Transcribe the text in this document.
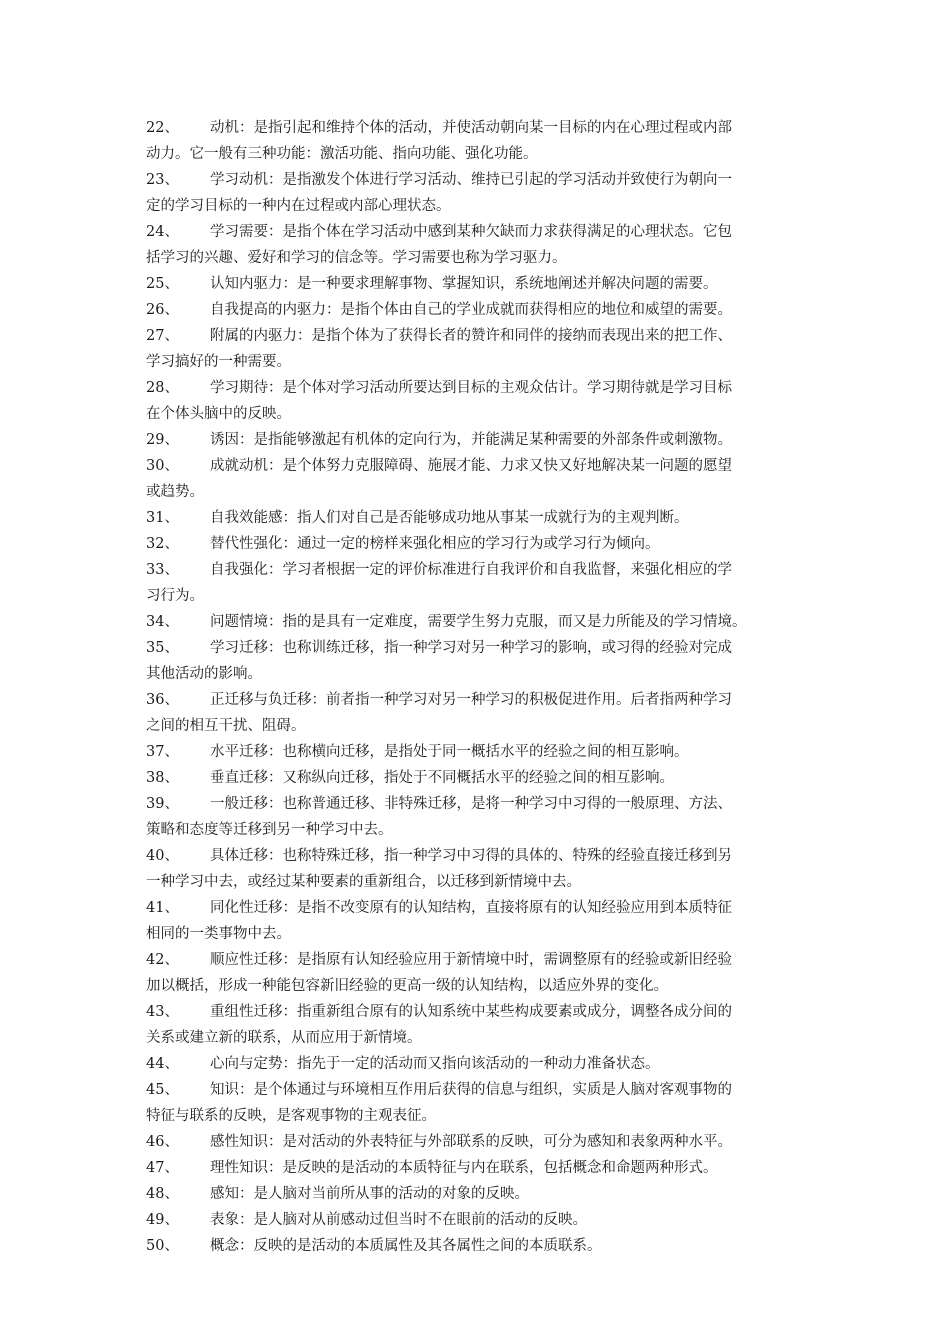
22、 动机：是指引起和维持个体的活动，并使活动朝向某一目标的内在心理过程或内部
动力。它一般有三种功能：激活功能、指向功能、强化功能。
23、 学习动机：是指激发个体进行学习活动、维持已引起的学习活动并致使行为朝向一
定的学习目标的一种内在过程或内部心理状态。
24、 学习需要：是指个体在学习活动中感到某种欠缺而力求获得满足的心理状态。它包
括学习的兴趣、爱好和学习的信念等。学习需要也称为学习驱力。
25、 认知内驱力：是一种要求理解事物、掌握知识，系统地阐述并解决问题的需要。
26、 自我提高的内驱力：是指个体由自己的学业成就而获得相应的地位和威望的需要。
27、 附属的内驱力：是指个体为了获得长者的赞许和同伴的接纳而表现出来的把工作、
学习搞好的一种需要。
28、 学习期待：是个体对学习活动所要达到目标的主观众估计。学习期待就是学习目标
在个体头脑中的反映。
29、 诱因：是指能够激起有机体的定向行为，并能满足某种需要的外部条件或刺激物。
30、 成就动机：是个体努力克服障碍、施展才能、力求又快又好地解决某一问题的愿望
或趋势。
31、 自我效能感：指人们对自己是否能够成功地从事某一成就行为的主观判断。
32、 替代性强化：通过一定的榜样来强化相应的学习行为或学习行为倾向。
33、 自我强化：学习者根据一定的评价标准进行自我评价和自我监督，来强化相应的学
习行为。
34、 问题情境：指的是具有一定难度，需要学生努力克服，而又是力所能及的学习情境。
35、 学习迁移：也称训练迁移，指一种学习对另一种学习的影响，或习得的经验对完成
其他活动的影响。
36、 正迁移与负迁移：前者指一种学习对另一种学习的积极促进作用。后者指两种学习
之间的相互干扰、阻碍。
37、 水平迁移：也称横向迁移，是指处于同一概括水平的经验之间的相互影响。
38、 垂直迁移：又称纵向迁移，指处于不同概括水平的经验之间的相互影响。
39、 一般迁移：也称普通迁移、非特殊迁移，是将一种学习中习得的一般原理、方法、
策略和态度等迁移到另一种学习中去。
40、 具体迁移：也称特殊迁移，指一种学习中习得的具体的、特殊的经验直接迁移到另
一种学习中去，或经过某种要素的重新组合，以迁移到新情境中去。
41、 同化性迁移：是指不改变原有的认知结构，直接将原有的认知经验应用到本质特征
相同的一类事物中去。
42、 顺应性迁移：是指原有认知经验应用于新情境中时，需调整原有的经验或新旧经验
加以概括，形成一种能包容新旧经验的更高一级的认知结构，以适应外界的变化。
43、 重组性迁移：指重新组合原有的认知系统中某些构成要素或成分，调整各成分间的
关系或建立新的联系，从而应用于新情境。
44、 心向与定势：指先于一定的活动而又指向该活动的一种动力准备状态。
45、 知识：是个体通过与环境相互作用后获得的信息与组织，实质是人脑对客观事物的
特征与联系的反映，是客观事物的主观表征。
46、 感性知识：是对活动的外表特征与外部联系的反映，可分为感知和表象两种水平。
47、 理性知识：是反映的是活动的本质特征与内在联系，包括概念和命题两种形式。
48、 感知：是人脑对当前所从事的活动的对象的反映。
49、 表象：是人脑对从前感动过但当时不在眼前的活动的反映。
50、 概念：反映的是活动的本质属性及其各属性之间的本质联系。
